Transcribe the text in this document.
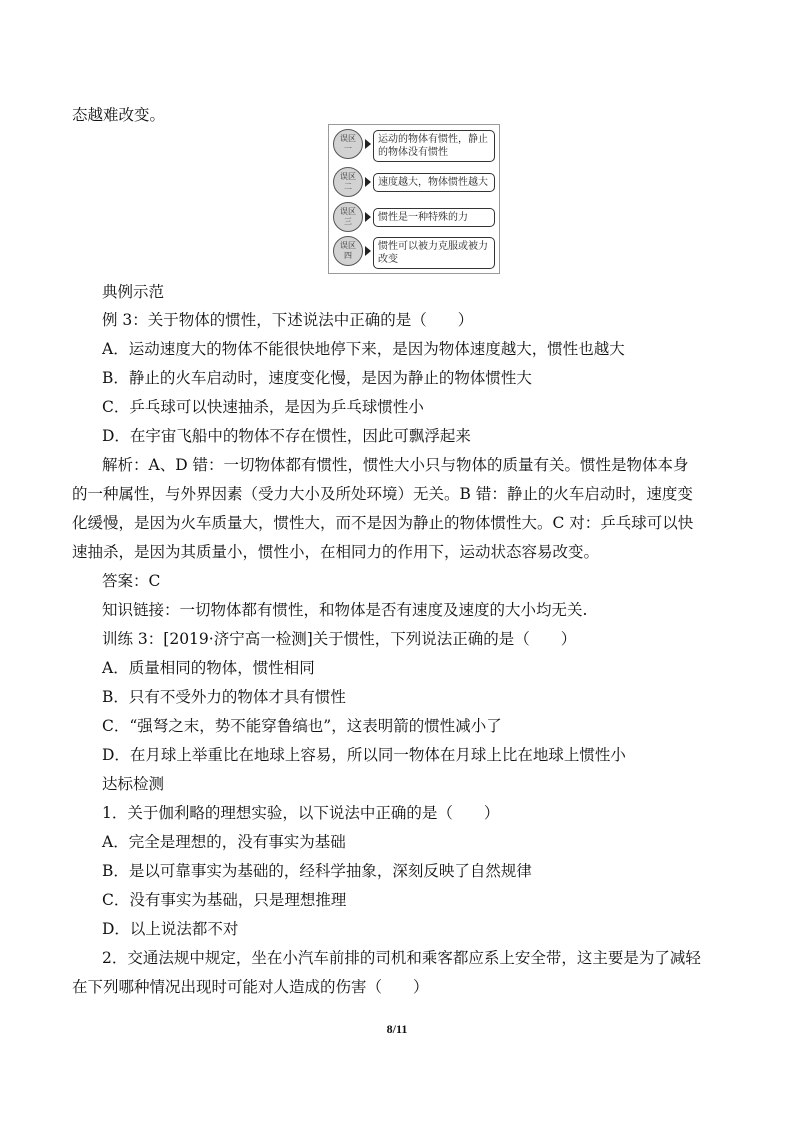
态越难改变。
误区
一
运动的物体有惯性，静止的物体没有惯性
误区
二	速度越大，物体惯性越大
误区
三	惯性是一种特殊的力
误区
四
惯性可以被力克服或被力改变
典例示范
例 3：关于物体的惯性，下述说法中正确的是（　　）
A．运动速度大的物体不能很快地停下来，是因为物体速度越大，惯性也越大
B．静止的火车启动时，速度变化慢，是因为静止的物体惯性大
C．乒乓球可以快速抽杀，是因为乒乓球惯性小
D．在宇宙飞船中的物体不存在惯性，因此可飘浮起来
解析：A、D 错：一切物体都有惯性，惯性大小只与物体的质量有关。惯性是物体本身
的一种属性，与外界因素（受力大小及所处环境）无关。B 错：静止的火车启动时，速度变
化缓慢，是因为火车质量大，惯性大，而不是因为静止的物体惯性大。C 对：乒乓球可以快
速抽杀，是因为其质量小，惯性小，在相同力的作用下，运动状态容易改变。
答案：C
知识链接：一切物体都有惯性，和物体是否有速度及速度的大小均无关.
训练 3：[2019·济宁高一检测]关于惯性，下列说法正确的是（　　）
A．质量相同的物体，惯性相同
B．只有不受外力的物体才具有惯性
C．“强弩之末，势不能穿鲁缟也”，这表明箭的惯性减小了
D．在月球上举重比在地球上容易，所以同一物体在月球上比在地球上惯性小
达标检测
1．关于伽利略的理想实验，以下说法中正确的是（　　）
A．完全是理想的，没有事实为基础
B．是以可靠事实为基础的，经科学抽象，深刻反映了自然规律
C．没有事实为基础，只是理想推理
D．以上说法都不对
2．交通法规中规定，坐在小汽车前排的司机和乘客都应系上安全带，这主要是为了减轻
在下列哪种情况出现时可能对人造成的伤害（　　）
8/11
